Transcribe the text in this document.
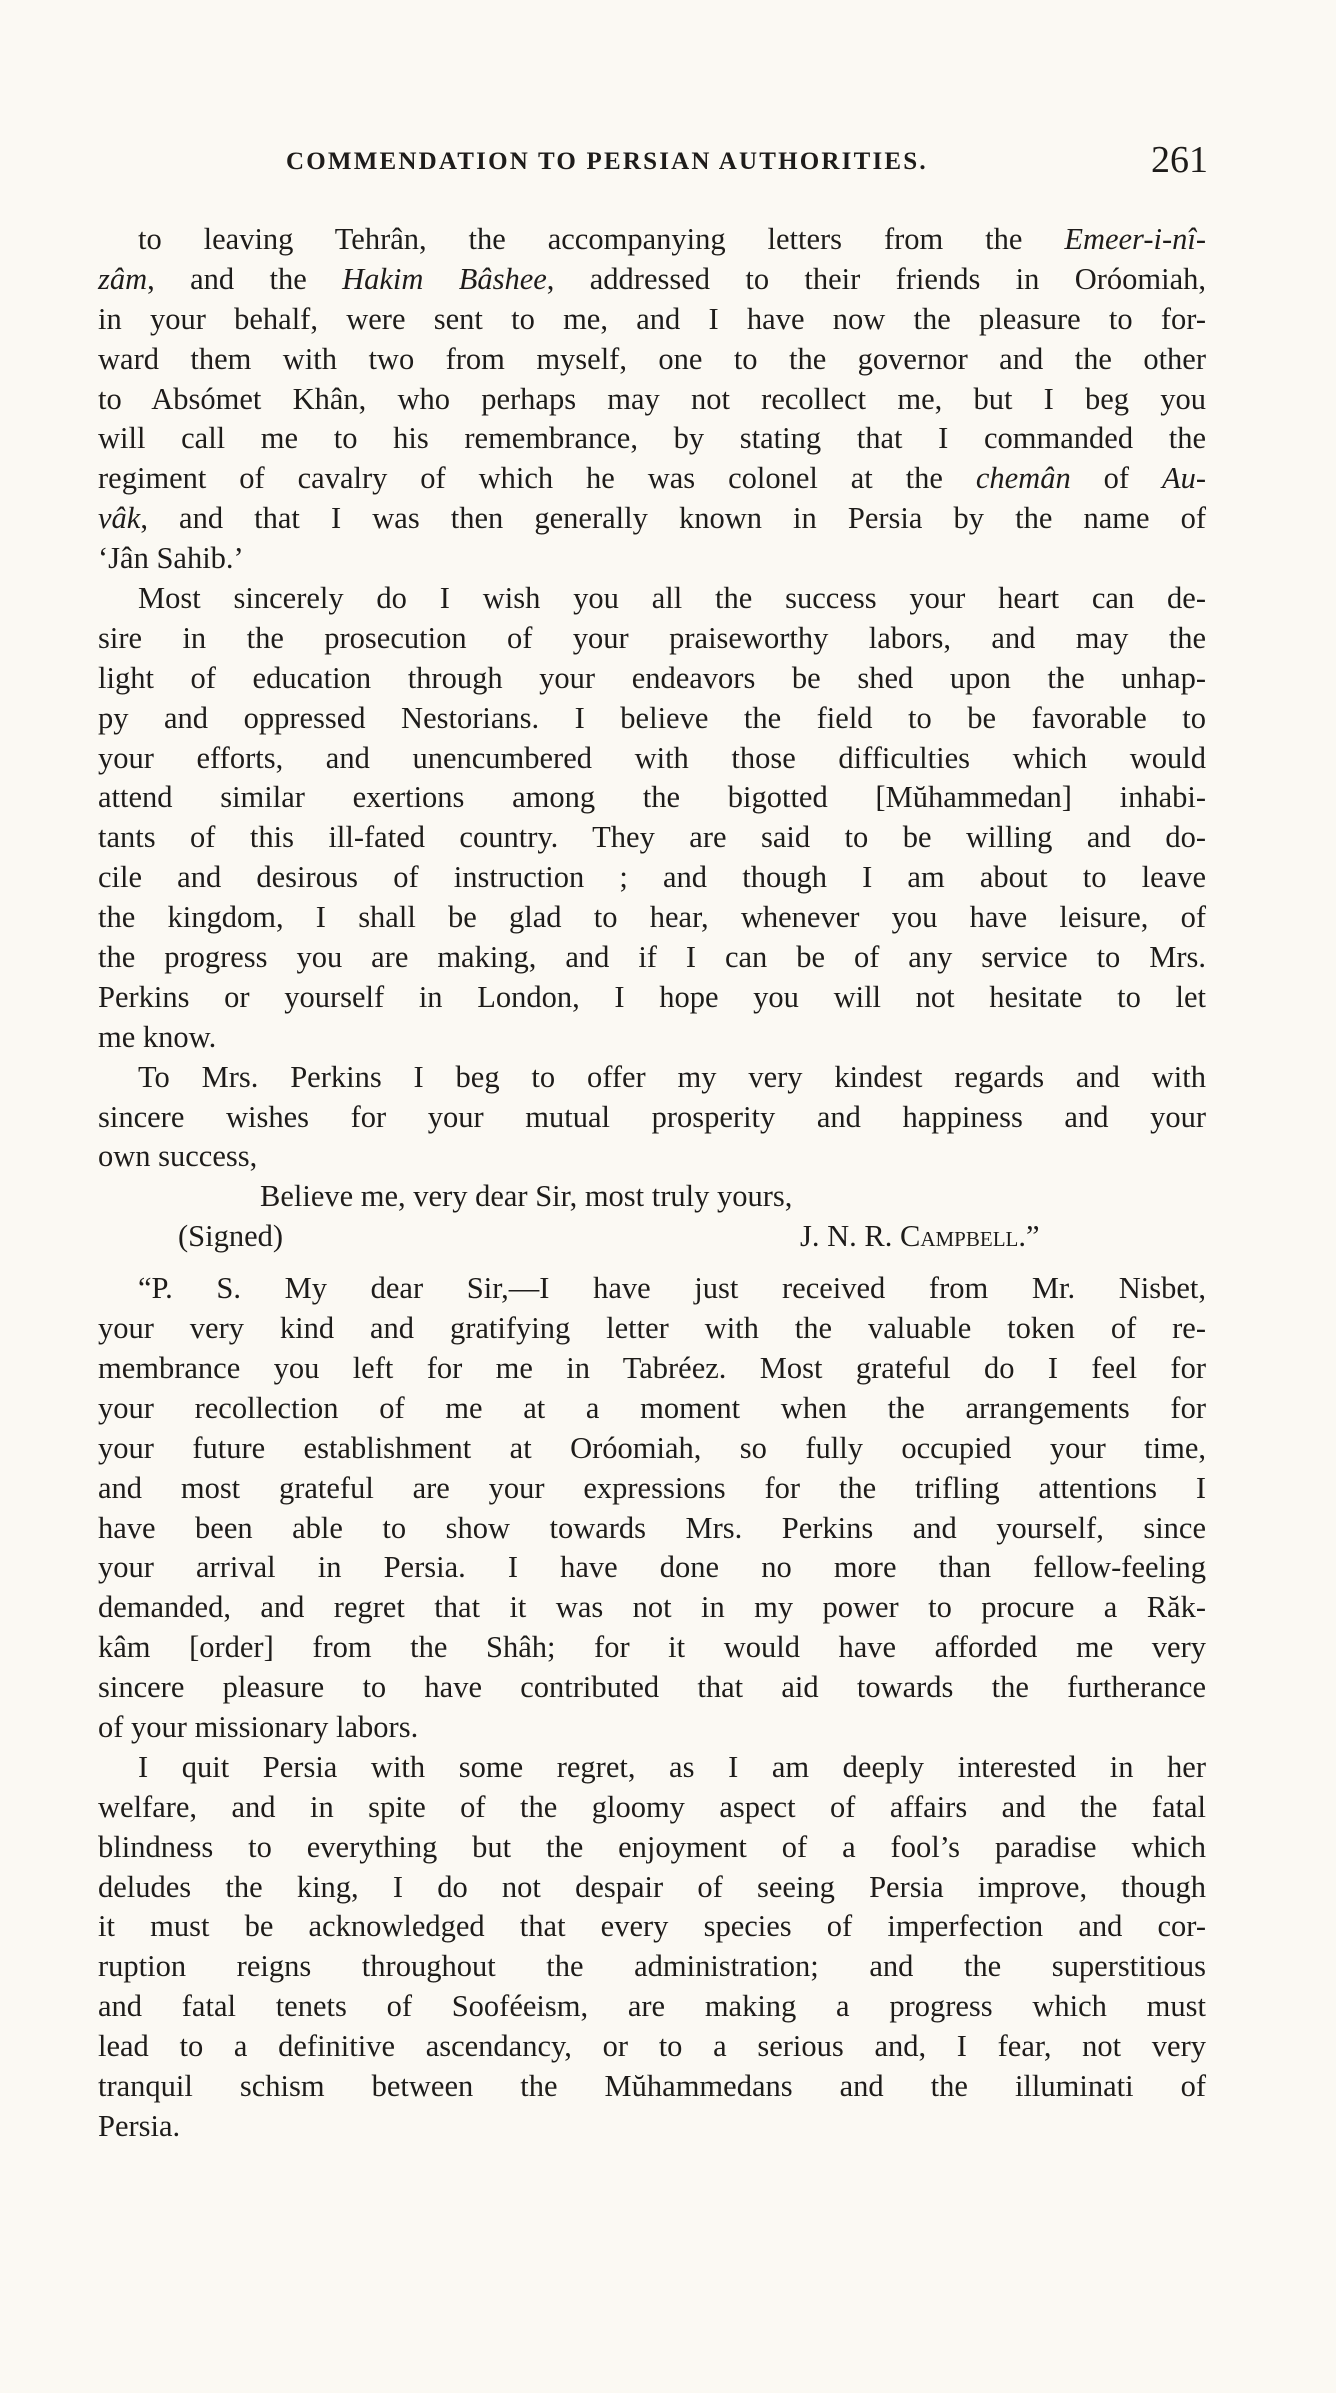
COMMENDATION TO PERSIAN AUTHORITIES.	261
to leaving Tehrân, the accompanying letters from the Emeer-i-nî-
zâm, and the Hakim Bâshee, addressed to their friends in Oróomiah,
in your behalf, were sent to me, and I have now the pleasure to for-
ward them with two from myself, one to the governor and the other
to Absómet Khân, who perhaps may not recollect me, but I beg you
will call me to his remembrance, by stating that I commanded the
regiment of cavalry of which he was colonel at the chemân of Au-
vâk, and that I was then generally known in Persia by the name of
‘Jân Sahib.’
Most sincerely do I wish you all the success your heart can de-
sire in the prosecution of your praiseworthy labors, and may the
light of education through your endeavors be shed upon the unhap-
py and oppressed Nestorians. I believe the field to be favorable to
your efforts, and unencumbered with those difficulties which would
attend similar exertions among the bigotted [Mŭhammedan] inhabi-
tants of this ill-fated country. They are said to be willing and do-
cile and desirous of instruction ; and though I am about to leave
the kingdom, I shall be glad to hear, whenever you have leisure, of
the progress you are making, and if I can be of any service to Mrs.
Perkins or yourself in London, I hope you will not hesitate to let
me know.
To Mrs. Perkins I beg to offer my very kindest regards and with
sincere wishes for your mutual prosperity and happiness and your
own success,
Believe me, very dear Sir, most truly yours,
(Signed)	J. N. R. Campbell.”
“P. S. My dear Sir,—I have just received from Mr. Nisbet,
your very kind and gratifying letter with the valuable token of re-
membrance you left for me in Tabréez. Most grateful do I feel for
your recollection of me at a moment when the arrangements for
your future establishment at Oróomiah, so fully occupied your time,
and most grateful are your expressions for the trifling attentions I
have been able to show towards Mrs. Perkins and yourself, since
your arrival in Persia. I have done no more than fellow-feeling
demanded, and regret that it was not in my power to procure a Răk-
kâm [order] from the Shâh; for it would have afforded me very
sincere pleasure to have contributed that aid towards the furtherance
of your missionary labors.
I quit Persia with some regret, as I am deeply interested in her
welfare, and in spite of the gloomy aspect of affairs and the fatal
blindness to everything but the enjoyment of a fool’s paradise which
deludes the king, I do not despair of seeing Persia improve, though
it must be acknowledged that every species of imperfection and cor-
ruption reigns throughout the administration; and the superstitious
and fatal tenets of Sooféeism, are making a progress which must
lead to a definitive ascendancy, or to a serious and, I fear, not very
tranquil schism between the Mŭhammedans and the illuminati of
Persia.
